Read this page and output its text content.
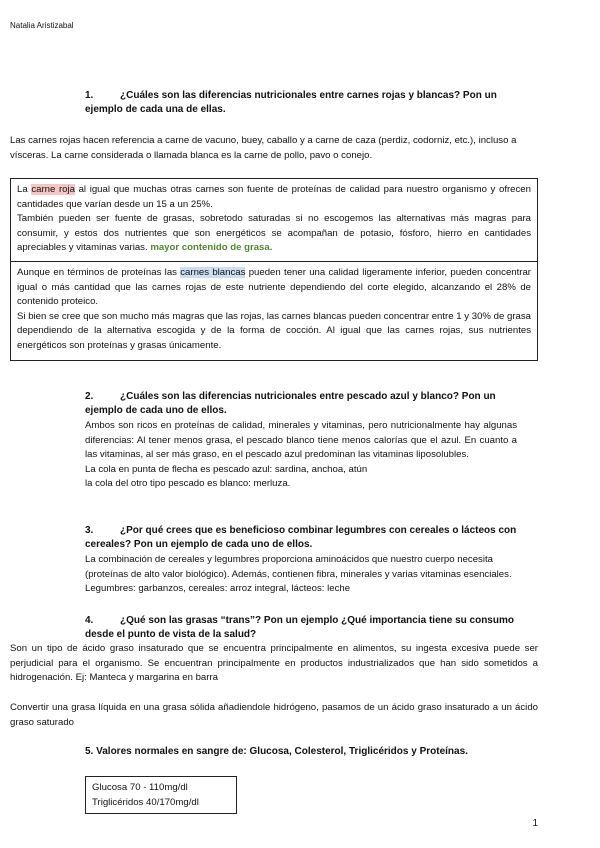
Natalia Aristizabal
1.	¿Cuáles son las diferencias nutricionales entre carnes rojas y blancas? Pon un ejemplo de cada una de ellas.
Las carnes rojas hacen referencia a carne de vacuno, buey, caballo y a carne de caza (perdiz, codorniz, etc.), incluso a vísceras. La carne considerada o llamada blanca es la carne de pollo, pavo o conejo.
La carne roja al igual que muchas otras carnes son fuente de proteínas de calidad para nuestro organismo y ofrecen cantidades que varían desde un 15 a un 25%.
También pueden ser fuente de grasas, sobretodo saturadas si no escogemos las alternativas más magras para consumir, y estos dos nutrientes que son energéticos se acompañan de potasio, fósforo, hierro en cantidades apreciables y vitaminas varias. mayor contenido de grasa.
Aunque en términos de proteínas las carnes blancas pueden tener una calidad ligeramente inferior, pueden concentrar igual o más cantidad que las carnes rojas de este nutriente dependiendo del corte elegido, alcanzando el 28% de contenido proteico.
Si bien se cree que son mucho más magras que las rojas, las carnes blancas pueden concentrar entre 1 y 30% de grasa dependiendo de la alternativa escogida y de la forma de cocción. Al igual que las carnes rojas, sus nutrientes energéticos son proteínas y grasas únicamente.
2.	¿Cuáles son las diferencias nutricionales entre pescado azul y blanco? Pon un ejemplo de cada uno de ellos.
Ambos son ricos en proteínas de calidad, minerales y vitaminas, pero nutricionalmente hay algunas diferencias: Al tener menos grasa, el pescado blanco tiene menos calorías que el azul. En cuanto a las vitaminas, al ser más graso, en el pescado azul predominan las vitaminas liposolubles.
La cola en punta de flecha es pescado azul: sardina, anchoa, atún
la cola del otro tipo pescado es blanco: merluza.
3.	¿Por qué crees que es beneficioso combinar legumbres con cereales o lácteos con cereales? Pon un ejemplo de cada uno de ellos.
La combinación de cereales y legumbres proporciona aminoácidos que nuestro cuerpo necesita (proteínas de alto valor biológico). Además, contienen fibra, minerales y varias vitaminas esenciales. Legumbres: garbanzos, cereales: arroz integral, lácteos: leche
4.	¿Qué son las grasas “trans”? Pon un ejemplo ¿Qué importancia tiene su consumo desde el punto de vista de la salud?
Son un tipo de ácido graso insaturado que se encuentra principalmente en alimentos, su ingesta excesiva puede ser perjudicial para el organismo. Se encuentran principalmente en productos industrializados que han sido sometidos a hidrogenación. Ej: Manteca y margarina en barra
Convertir una grasa líquida en una grasa sólida añadiendole hidrógeno, pasamos de un ácido graso insaturado a un ácido graso saturado
5. Valores normales en sangre de: Glucosa, Colesterol, Triglicéridos y Proteínas.
Glucosa 70 - 110mg/dl
Triglicéridos 40/170mg/dl
1
